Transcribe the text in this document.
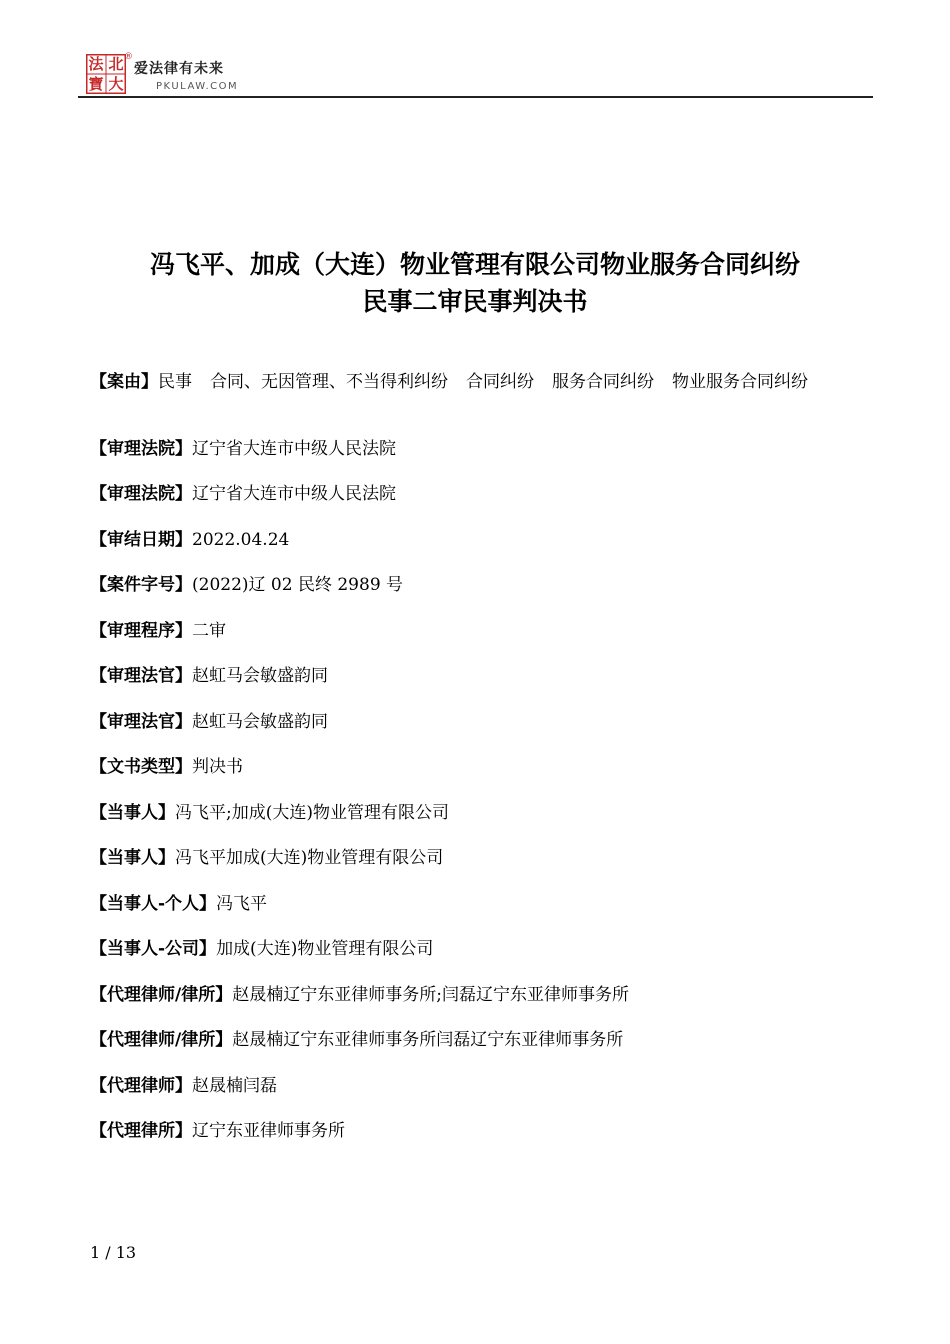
法 北
寶 大
®
爱法律有未来
PKULAW.COM
冯飞平、加成（大连）物业管理有限公司物业服务合同纠纷
民事二审民事判决书
【案由】民事 合同、无因管理、不当得利纠纷 合同纠纷 服务合同纠纷 物业服务合同纠纷
【审理法院】辽宁省大连市中级人民法院
【审理法院】辽宁省大连市中级人民法院
【审结日期】2022.04.24
【案件字号】(2022)辽 02 民终 2989 号
【审理程序】二审
【审理法官】赵虹马会敏盛韵同
【审理法官】赵虹马会敏盛韵同
【文书类型】判决书
【当事人】冯飞平;加成(大连)物业管理有限公司
【当事人】冯飞平加成(大连)物业管理有限公司
【当事人-个人】冯飞平
【当事人-公司】加成(大连)物业管理有限公司
【代理律师/律所】赵晟楠辽宁东亚律师事务所;闫磊辽宁东亚律师事务所
【代理律师/律所】赵晟楠辽宁东亚律师事务所闫磊辽宁东亚律师事务所
【代理律师】赵晟楠闫磊
【代理律所】辽宁东亚律师事务所
1 / 13
